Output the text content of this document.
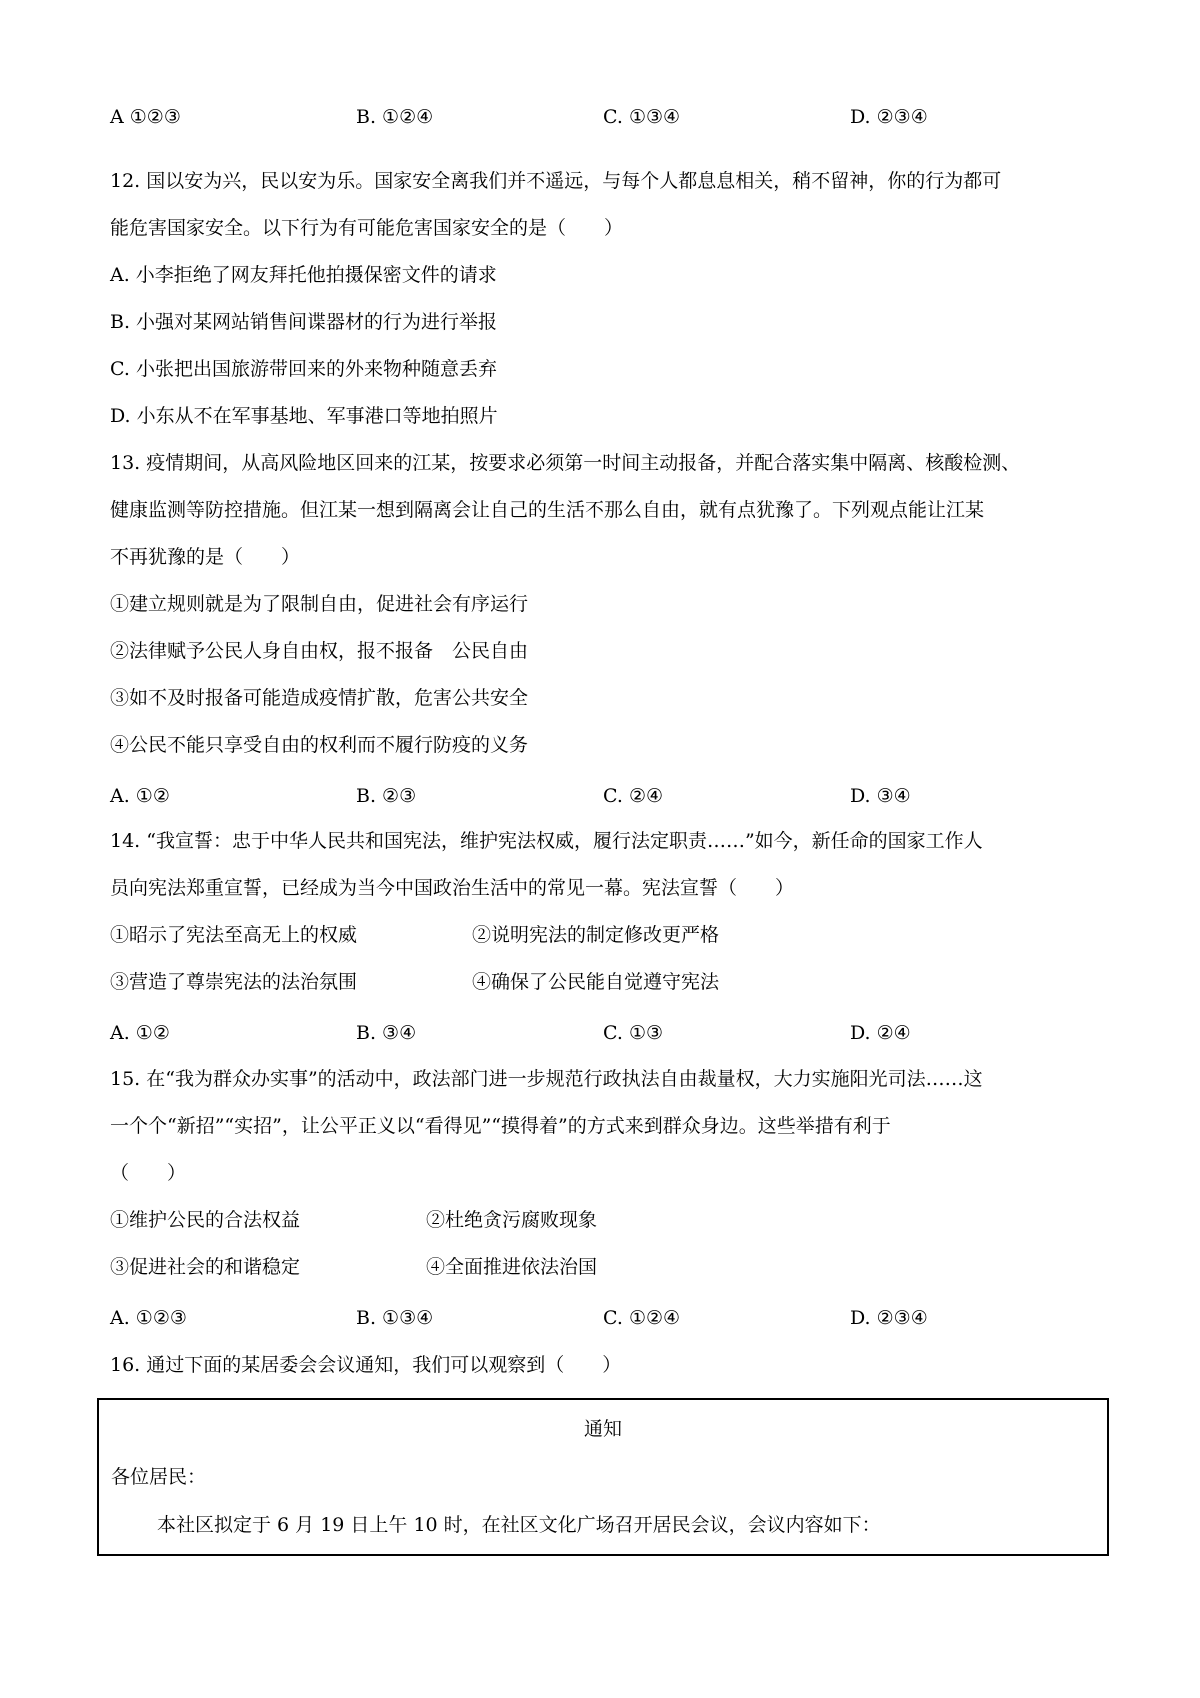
A ①②③	B. ①②④	C. ①③④	D. ②③④
12. 国以安为兴，民以安为乐。国家安全离我们并不遥远，与每个人都息息相关，稍不留神，你的行为都可
能危害国家安全。以下行为有可能危害国家安全的是（　　）
A. 小李拒绝了网友拜托他拍摄保密文件的请求
B. 小强对某网站销售间谍器材的行为进行举报
C. 小张把出国旅游带回来的外来物种随意丢弃
D. 小东从不在军事基地、军事港口等地拍照片
13. 疫情期间，从高风险地区回来的江某，按要求必须第一时间主动报备，并配合落实集中隔离、核酸检测、
健康监测等防控措施。但江某一想到隔离会让自己的生活不那么自由，就有点犹豫了。下列观点能让江某
不再犹豫的是（　　）
①建立规则就是为了限制自由，促进社会有序运行
②法律赋予公民人身自由权，报不报备　公民自由
③如不及时报备可能造成疫情扩散，危害公共安全
④公民不能只享受自由的权利而不履行防疫的义务
A. ①②	B. ②③	C. ②④	D. ③④
14. “我宣誓：忠于中华人民共和国宪法，维护宪法权威，履行法定职责……”如今，新任命的国家工作人
员向宪法郑重宣誓，已经成为当今中国政治生活中的常见一幕。宪法宣誓（　　）
①昭示了宪法至高无上的权威	②说明宪法的制定修改更严格
③营造了尊崇宪法的法治氛围	④确保了公民能自觉遵守宪法
A. ①②	B. ③④	C. ①③	D. ②④
15. 在“我为群众办实事”的活动中，政法部门进一步规范行政执法自由裁量权，大力实施阳光司法……这
一个个“新招”“实招”，让公平正义以“看得见”“摸得着”的方式来到群众身边。这些举措有利于
（　　）
①维护公民的合法权益	②杜绝贪污腐败现象
③促进社会的和谐稳定	④全面推进依法治国
A. ①②③	B. ①③④	C. ①②④	D. ②③④
16. 通过下面的某居委会会议通知，我们可以观察到（　　）
通知
各位居民：
本社区拟定于 6 月 19 日上午 10 时，在社区文化广场召开居民会议，会议内容如下：
